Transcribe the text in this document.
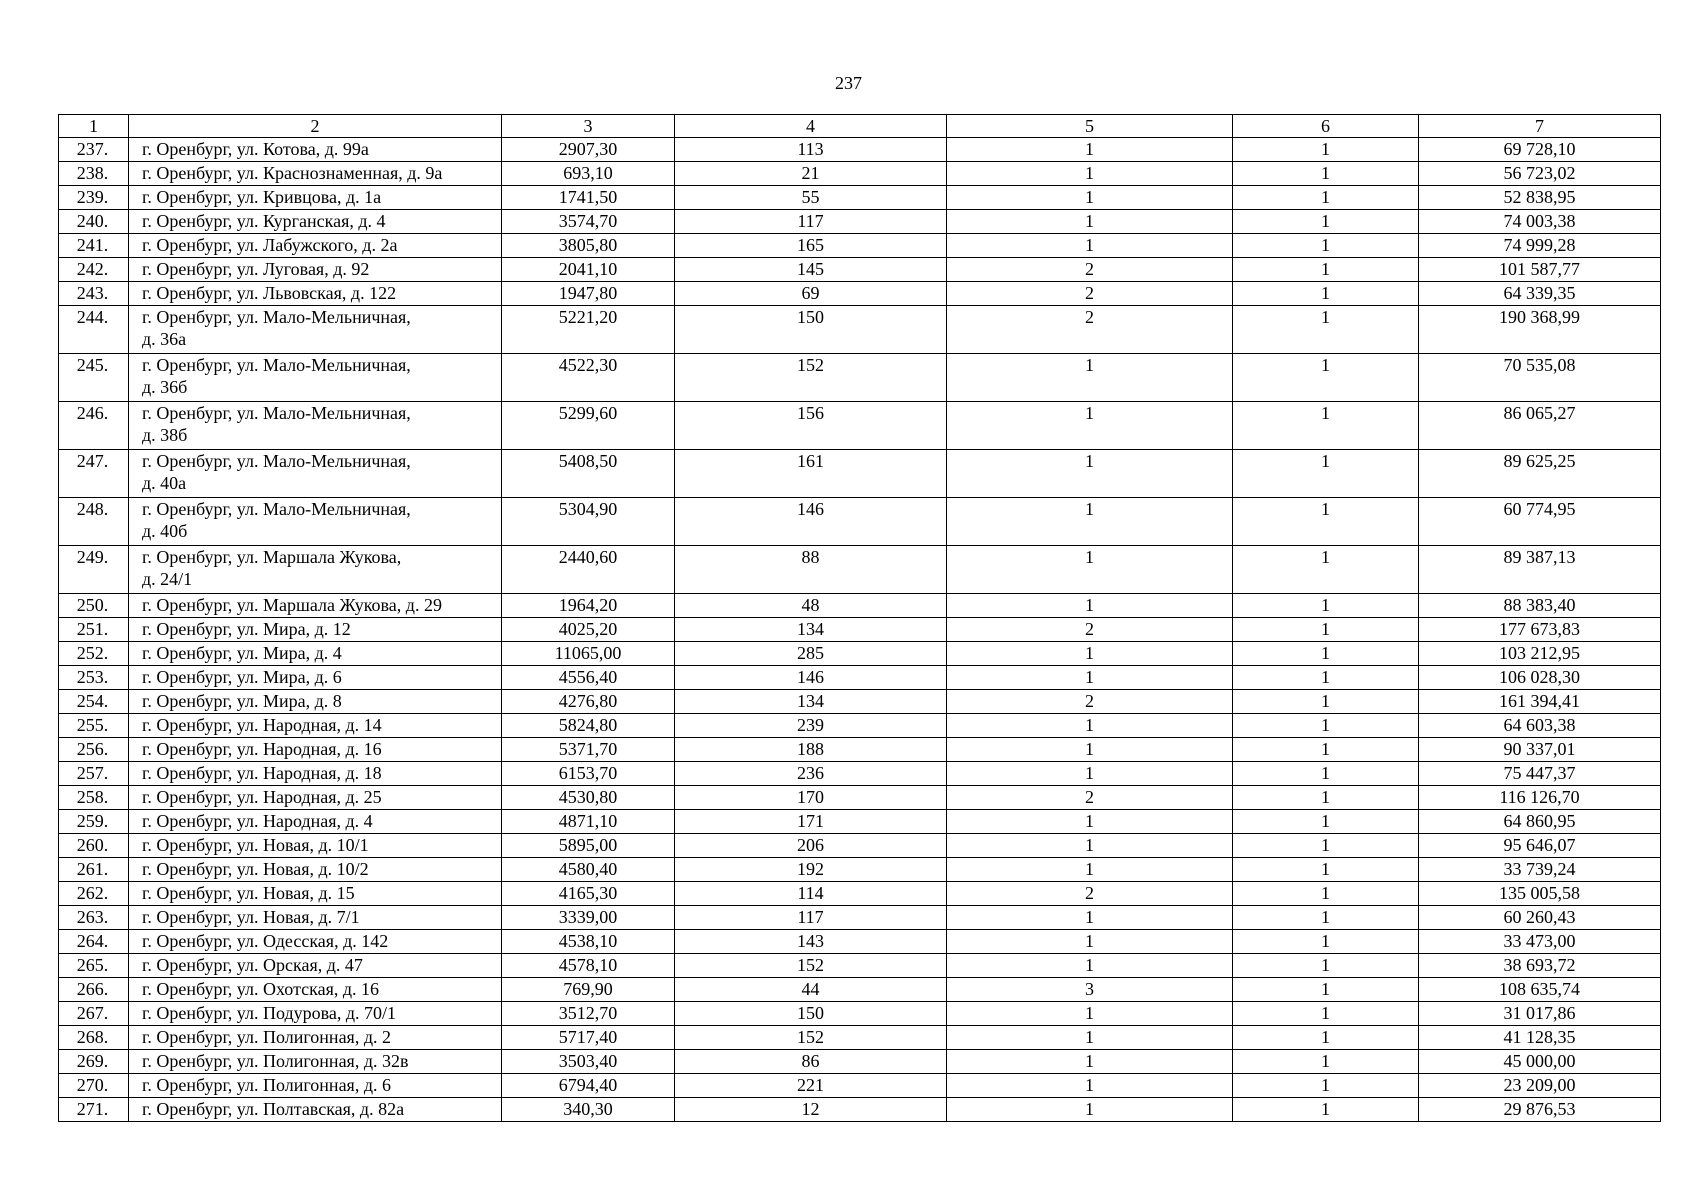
237
1	2	3	4	5	6	7
237.	г. Оренбург, ул. Котова, д. 99а	2907,30	113	1	1	69 728,10
238.	г. Оренбург, ул. Краснознаменная, д. 9а	693,10	21	1	1	56 723,02
239.	г. Оренбург, ул. Кривцова, д. 1а	1741,50	55	1	1	52 838,95
240.	г. Оренбург, ул. Курганская, д. 4	3574,70	117	1	1	74 003,38
241.	г. Оренбург, ул. Лабужского, д. 2а	3805,80	165	1	1	74 999,28
242.	г. Оренбург, ул. Луговая, д. 92	2041,10	145	2	1	101 587,77
243.	г. Оренбург, ул. Львовская, д. 122	1947,80	69	2	1	64 339,35
244.	г. Оренбург, ул. Мало-Мельничная,
д. 36а	5221,20	150	2	1	190 368,99
245.	г. Оренбург, ул. Мало-Мельничная,
д. 36б	4522,30	152	1	1	70 535,08
246.	г. Оренбург, ул. Мало-Мельничная,
д. 38б	5299,60	156	1	1	86 065,27
247.	г. Оренбург, ул. Мало-Мельничная,
д. 40а	5408,50	161	1	1	89 625,25
248.	г. Оренбург, ул. Мало-Мельничная,
д. 40б	5304,90	146	1	1	60 774,95
249.	г. Оренбург, ул. Маршала Жукова,
д. 24/1	2440,60	88	1	1	89 387,13
250.	г. Оренбург, ул. Маршала Жукова, д. 29	1964,20	48	1	1	88 383,40
251.	г. Оренбург, ул. Мира, д. 12	4025,20	134	2	1	177 673,83
252.	г. Оренбург, ул. Мира, д. 4	11065,00	285	1	1	103 212,95
253.	г. Оренбург, ул. Мира, д. 6	4556,40	146	1	1	106 028,30
254.	г. Оренбург, ул. Мира, д. 8	4276,80	134	2	1	161 394,41
255.	г. Оренбург, ул. Народная, д. 14	5824,80	239	1	1	64 603,38
256.	г. Оренбург, ул. Народная, д. 16	5371,70	188	1	1	90 337,01
257.	г. Оренбург, ул. Народная, д. 18	6153,70	236	1	1	75 447,37
258.	г. Оренбург, ул. Народная, д. 25	4530,80	170	2	1	116 126,70
259.	г. Оренбург, ул. Народная, д. 4	4871,10	171	1	1	64 860,95
260.	г. Оренбург, ул. Новая, д. 10/1	5895,00	206	1	1	95 646,07
261.	г. Оренбург, ул. Новая, д. 10/2	4580,40	192	1	1	33 739,24
262.	г. Оренбург, ул. Новая, д. 15	4165,30	114	2	1	135 005,58
263.	г. Оренбург, ул. Новая, д. 7/1	3339,00	117	1	1	60 260,43
264.	г. Оренбург, ул. Одесская, д. 142	4538,10	143	1	1	33 473,00
265.	г. Оренбург, ул. Орская, д. 47	4578,10	152	1	1	38 693,72
266.	г. Оренбург, ул. Охотская, д. 16	769,90	44	3	1	108 635,74
267.	г. Оренбург, ул. Подурова, д. 70/1	3512,70	150	1	1	31 017,86
268.	г. Оренбург, ул. Полигонная, д. 2	5717,40	152	1	1	41 128,35
269.	г. Оренбург, ул. Полигонная, д. 32в	3503,40	86	1	1	45 000,00
270.	г. Оренбург, ул. Полигонная, д. 6	6794,40	221	1	1	23 209,00
271.	г. Оренбург, ул. Полтавская, д. 82а	340,30	12	1	1	29 876,53
